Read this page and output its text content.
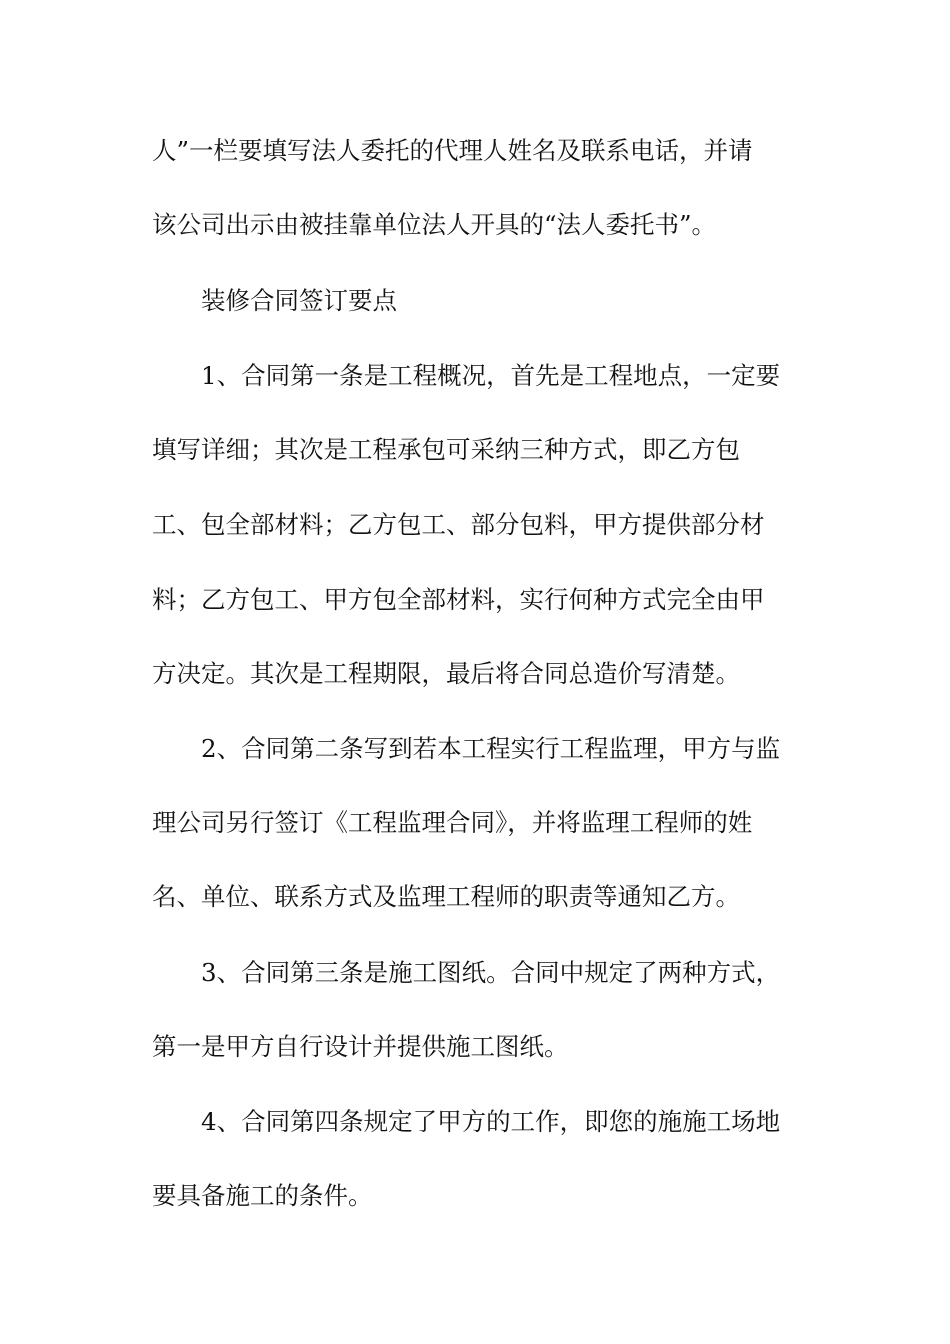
人”一栏要填写法人委托的代理人姓名及联系电话，并请
该公司出示由被挂靠单位法人开具的“法人委托书”。
装修合同签订要点
1、合同第一条是工程概况，首先是工程地点，一定要
填写详细；其次是工程承包可采纳三种方式，即乙方包
工、包全部材料；乙方包工、部分包料，甲方提供部分材
料；乙方包工、甲方包全部材料，实行何种方式完全由甲
方决定。其次是工程期限，最后将合同总造价写清楚。
2、合同第二条写到若本工程实行工程监理，甲方与监
理公司另行签订《工程监理合同》，并将监理工程师的姓
名、单位、联系方式及监理工程师的职责等通知乙方。
3、合同第三条是施工图纸。合同中规定了两种方式，
第一是甲方自行设计并提供施工图纸。
4、合同第四条规定了甲方的工作，即您的施施工场地
要具备施工的条件。
